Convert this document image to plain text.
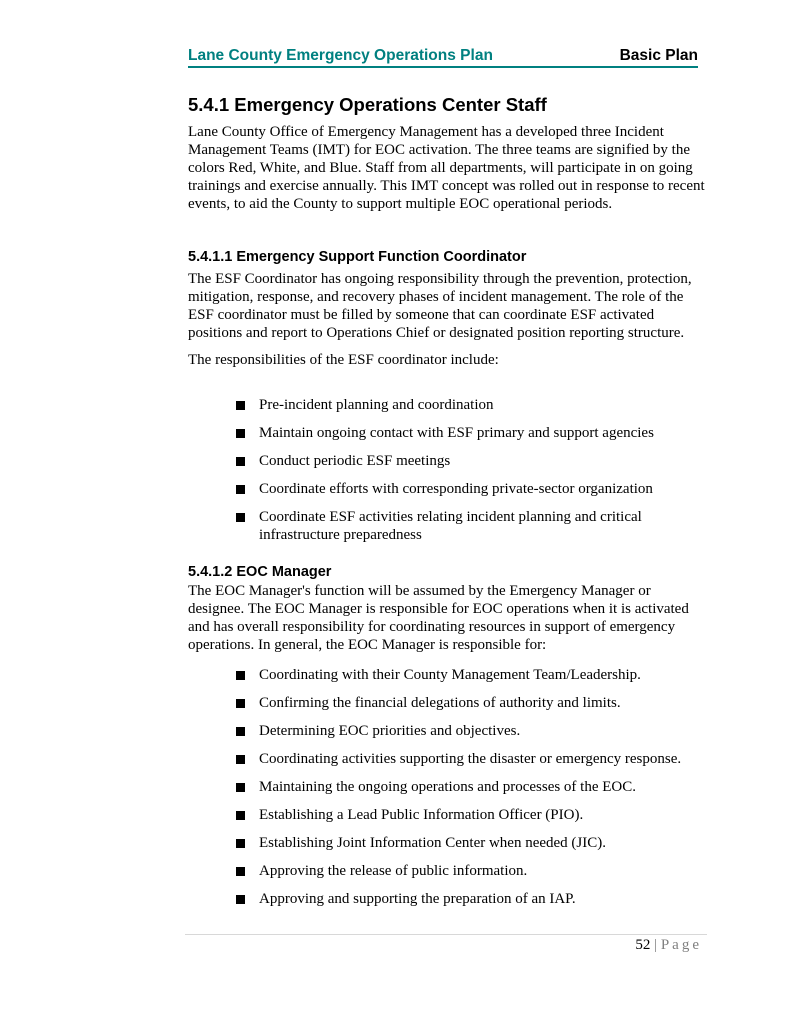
Lane County Emergency Operations Plan	Basic Plan
5.4.1 Emergency Operations Center Staff

Lane County Office of Emergency Management has a developed three Incident Management Teams (IMT) for EOC activation. The three teams are signified by the colors Red, White, and Blue. Staff from all departments, will participate in on going trainings and exercise annually. This IMT concept was rolled out in response to recent events, to aid the County to support multiple EOC operational periods.

5.4.1.1 Emergency Support Function Coordinator

The ESF Coordinator has ongoing responsibility through the prevention, protection, mitigation, response, and recovery phases of incident management. The role of the ESF coordinator must be filled by someone that can coordinate ESF activated positions and report to Operations Chief or designated position reporting structure.

The responsibilities of the ESF coordinator include:

Pre-incident planning and coordination
Maintain ongoing contact with ESF primary and support agencies
Conduct periodic ESF meetings
Coordinate efforts with corresponding private-sector organization
Coordinate ESF activities relating incident planning and critical infrastructure preparedness
5.4.1.2 EOC Manager

The EOC Manager's function will be assumed by the Emergency Manager or designee. The EOC Manager is responsible for EOC operations when it is activated and has overall responsibility for coordinating resources in support of emergency operations. In general, the EOC Manager is responsible for:

Coordinating with their County Management Team/Leadership.
Confirming the financial delegations of authority and limits.
Determining EOC priorities and objectives.
Coordinating activities supporting the disaster or emergency response.
Maintaining the ongoing operations and processes of the EOC.
Establishing a Lead Public Information Officer (PIO).
Establishing Joint Information Center when needed (JIC).
Approving the release of public information.
Approving and supporting the preparation of an IAP.
52 | Page
